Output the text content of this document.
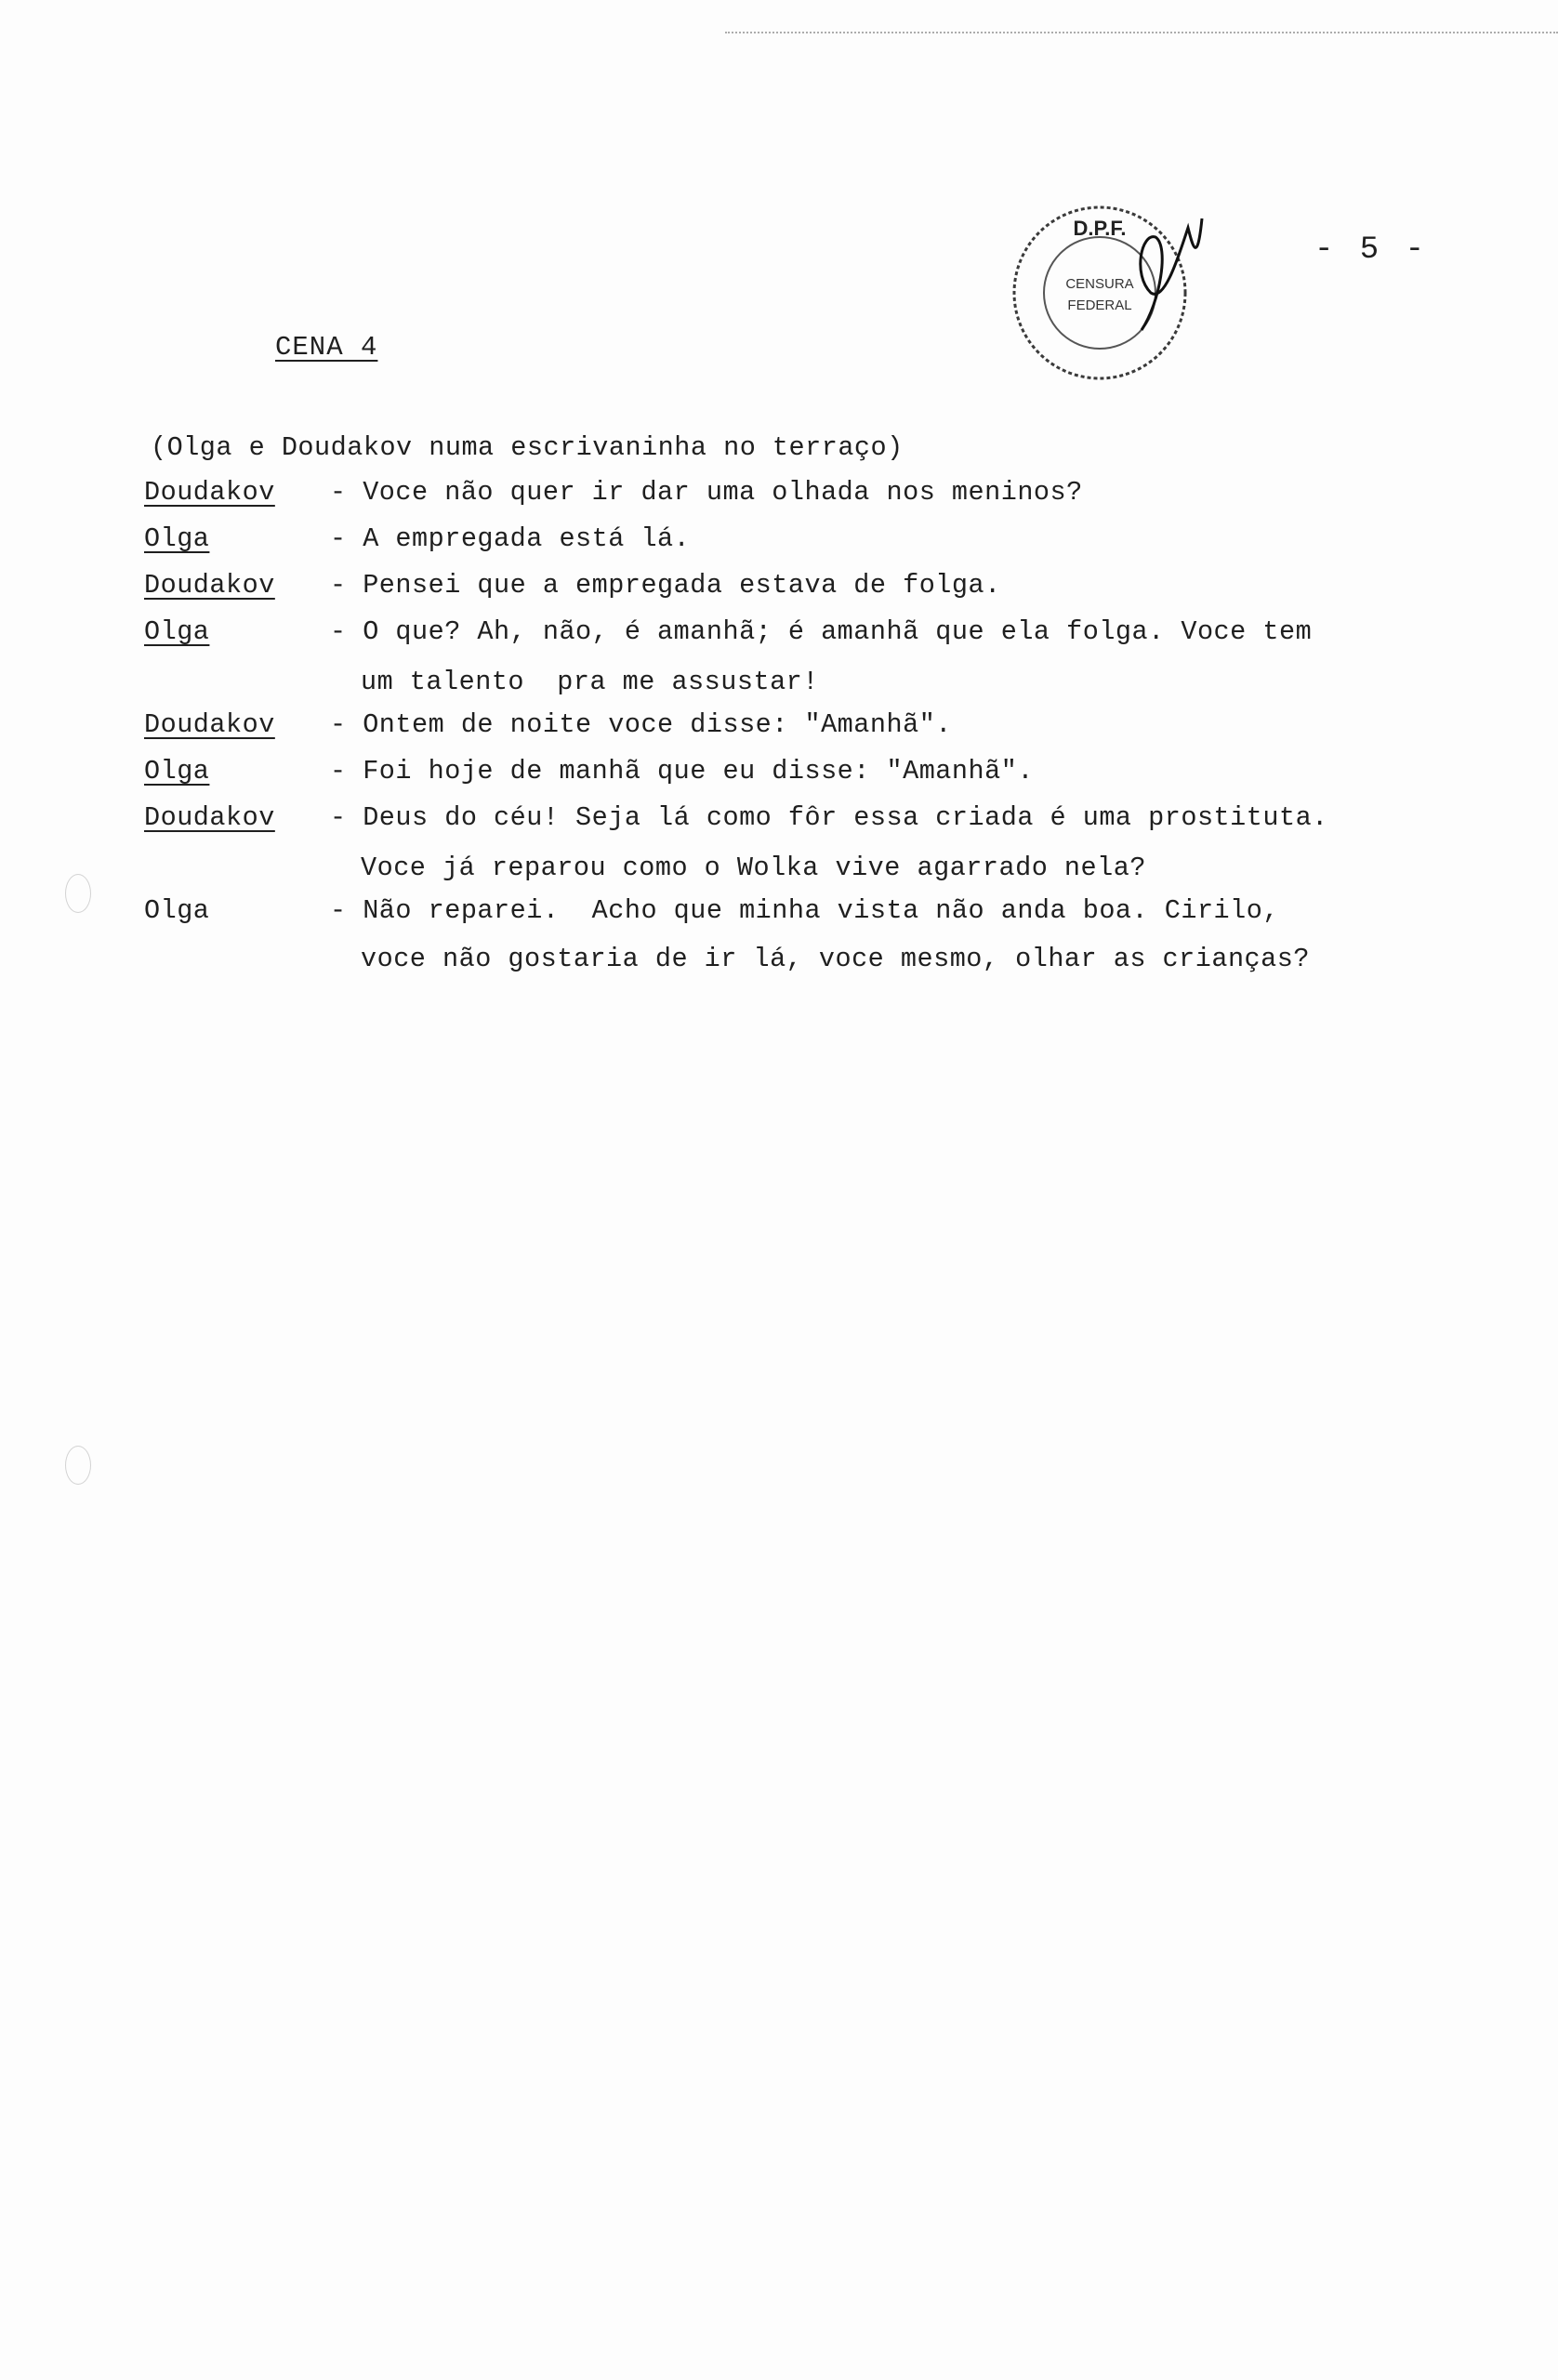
D.P.F.
CENSURA
FEDERAL
- 5 -
CENA 4
(Olga e Doudakov numa escrivaninha no terraço)
Doudakov - Voce não quer ir dar uma olhada nos meninos?
Olga	- A empregada está lá.
Doudakov - Pensei que a empregada estava de folga.
Olga	- O que? Ah, não, é amanhã; é amanhã que ela folga. Voce tem
um talento  pra me assustar!
Doudakov - Ontem de noite voce disse: "Amanhã".
Olga	- Foi hoje de manhã que eu disse: "Amanhã".
Doudakov - Deus do céu! Seja lá como fôr essa criada é uma prostituta.
Voce já reparou como o Wolka vive agarrado nela?
Olga	- Não reparei.  Acho que minha vista não anda boa. Cirilo,
voce não gostaria de ir lá, voce mesmo, olhar as crianças?
